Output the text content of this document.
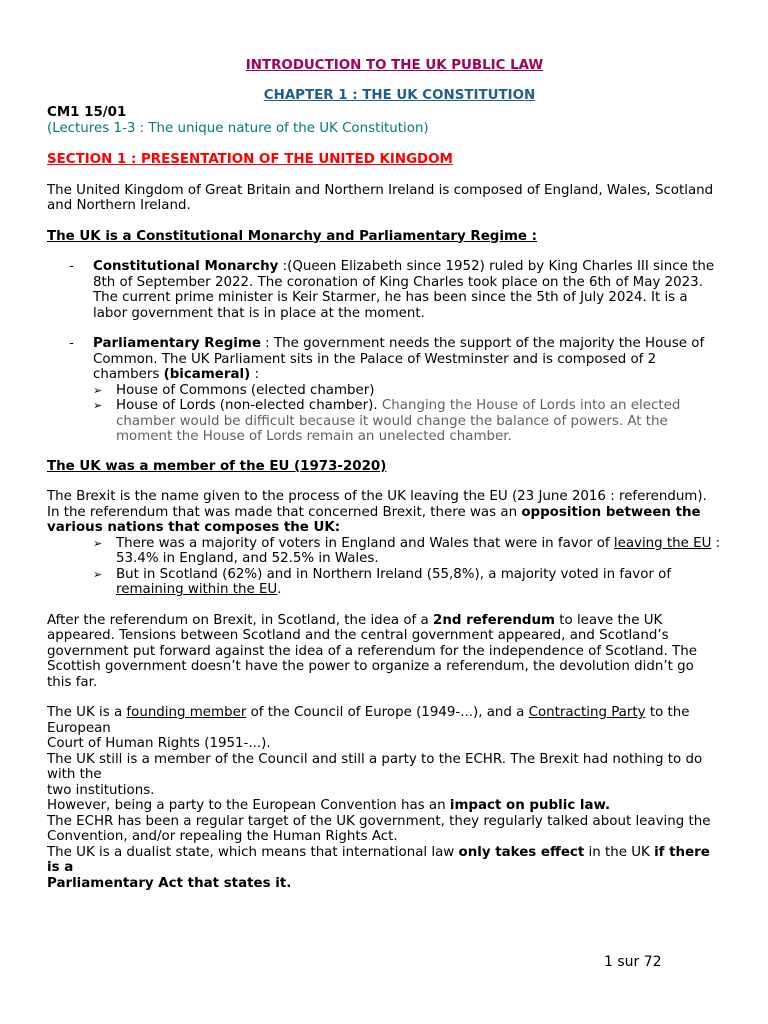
INTRODUCTION TO THE UK PUBLIC LAW

CHAPTER 1 : THE UK CONSTITUTION

CM1 15/01

(Lectures 1-3 : The unique nature of the UK Constitution)

SECTION 1 : PRESENTATION OF THE UNITED KINGDOM

The United Kingdom of Great Britain and Northern Ireland is composed of England, Wales, Scotland and Northern Ireland.

The UK is a Constitutional Monarchy and Parliamentary Regime :

- Constitutional Monarchy :(Queen Elizabeth since 1952) ruled by King Charles III since the 8th of September 2022. The coronation of King Charles took place on the 6th of May 2023. The current prime minister is Keir Starmer, he has been since the 5th of July 2024. It is a labor government that is in place at the moment.
- Parliamentary Regime : The government needs the support of the majority the House of Common. The UK Parliament sits in the Palace of Westminster and is composed of 2 chambers (bicameral) :
➢ House of Commons (elected chamber)
➢ House of Lords (non-elected chamber). Changing the House of Lords into an elected chamber would be difficult because it would change the balance of powers. At the moment the House of Lords remain an unelected chamber.

The UK was a member of the EU (1973-2020)

The Brexit is the name given to the process of the UK leaving the EU (23 June 2016 : referendum).

In the referendum that was made that concerned Brexit, there was an opposition between the various nations that composes the UK:

➢ There was a majority of voters in England and Wales that were in favor of leaving the EU : 53.4% in England, and 52.5% in Wales.
➢ But in Scotland (62%) and in Northern Ireland (55,8%), a majority voted in favor of remaining within the EU.

After the referendum on Brexit, in Scotland, the idea of a 2nd referendum to leave the UK appeared. Tensions between Scotland and the central government appeared, and Scotland’s government put forward against the idea of a referendum for the independence of Scotland. The Scottish government doesn’t have the power to organize a referendum, the devolution didn’t go this far.

The UK is a founding member of the Council of Europe (1949-...), and a Contracting Party to the European

Court of Human Rights (1951-...).

The UK still is a member of the Council and still a party to the ECHR. The Brexit had nothing to do with the

two institutions.

However, being a party to the European Convention has an impact on public law.

The ECHR has been a regular target of the UK government, they regularly talked about leaving the Convention, and/or repealing the Human Rights Act.

The UK is a dualist state, which means that international law only takes effect in the UK if there is a

Parliamentary Act that states it.

1 sur 72
